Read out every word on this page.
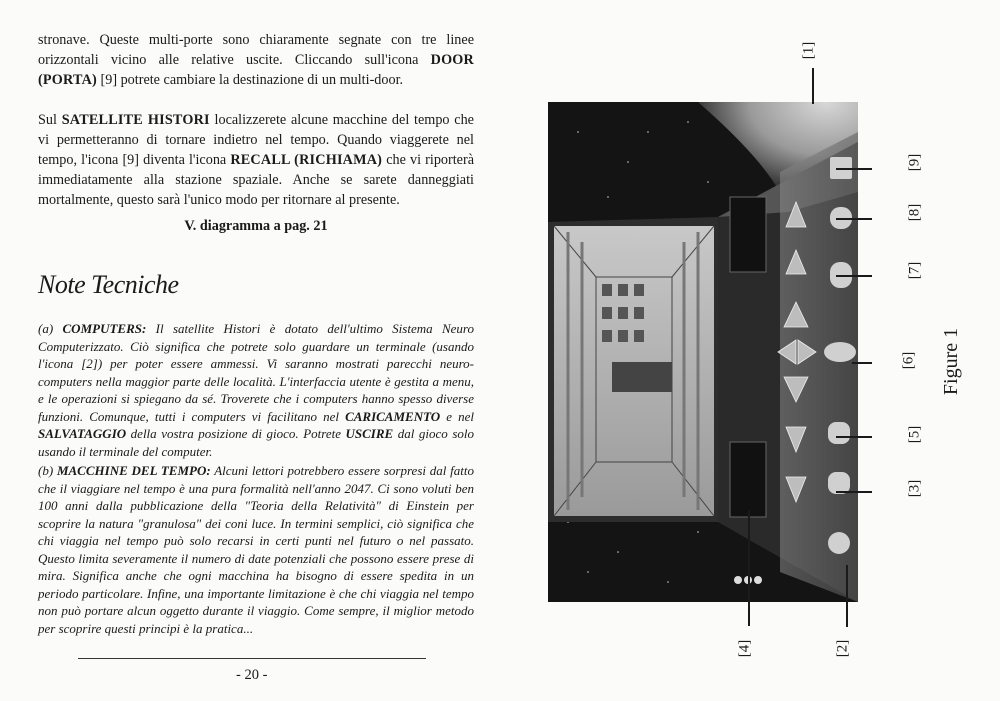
stronave. Queste multi-porte sono chiaramente segnate con tre linee orizzontali vicino alle relative uscite. Cliccando sull'icona DOOR (PORTA) [9] potrete cambiare la destinazione di un multi-door.

Sul SATELLITE HISTORI localizzerete alcune macchine del tempo che vi permetteranno di tornare indietro nel tempo. Quando viaggerete nel tempo, l'icona [9] diventa l'icona RECALL (RICHIAMA) che vi riporterà immediatamente alla stazione spaziale. Anche se sarete danneggiati mortalmente, questo sarà l'unico modo per ritornare al presente.

V. diagramma a pag. 21
Note Tecniche

(a) COMPUTERS: Il satellite Histori è dotato dell'ultimo Sistema Neuro Computerizzato. Ciò significa che potrete solo guardare un terminale (usando l'icona [2]) per poter essere ammessi. Vi saranno mostrati parecchi neuro-computers nella maggior parte delle località. L'interfaccia utente è gestita a menu, e le operazioni si spiegano da sé. Troverete che i computers hanno spesso diverse funzioni. Comunque, tutti i computers vi facilitano nel CARICAMENTO e nel SALVATAGGIO della vostra posizione di gioco. Potrete USCIRE dal gioco solo usando il terminale del computer.

(b) MACCHINE DEL TEMPO: Alcuni lettori potrebbero essere sorpresi dal fatto che il viaggiare nel tempo è una pura formalità nell'anno 2047. Ci sono voluti ben 100 anni dalla pubblicazione della "Teoria della Relatività" di Einstein per scoprire la natura "granulosa" dei coni luce. In termini semplici, ciò significa che chi viaggia nel tempo può solo recarsi in certi punti nel futuro o nel passato. Questo limita severamente il numero di date potenziali che possono essere prese di mira. Significa anche che ogni macchina ha bisogno di essere spedita in un periodo particolare. Infine, una importante limitazione è che chi viaggia nel tempo non può portare alcun oggetto durante il viaggio. Come sempre, il miglior metodo per scoprire questi principi è la pratica...

- 20 -
[1]
[9]
[8]
[7]
[6]
[5]
[3]
[4]	[2]
Figure 1
